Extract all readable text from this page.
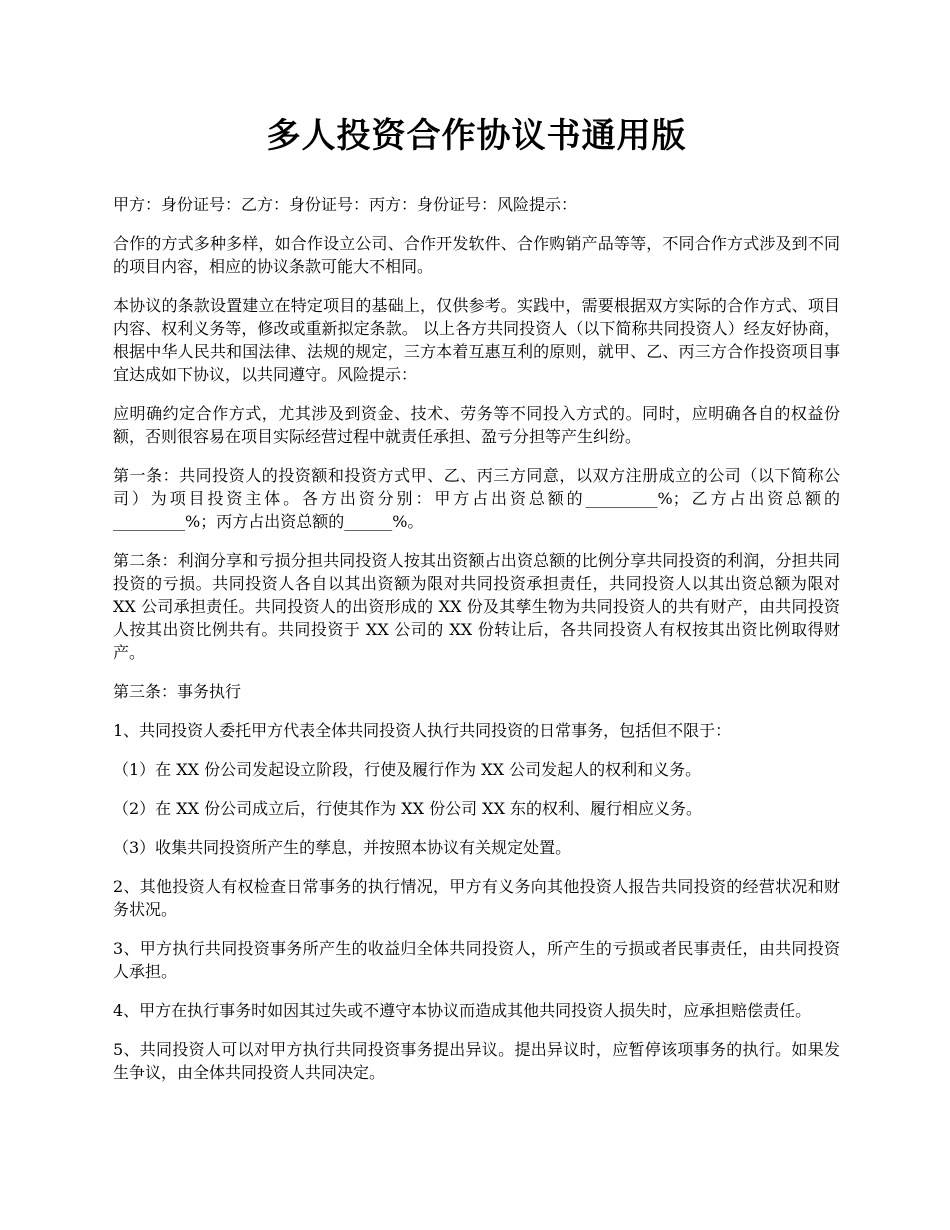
多人投资合作协议书通用版

甲方：身份证号：乙方：身份证号：丙方：身份证号：风险提示：

合作的方式多种多样，如合作设立公司、合作开发软件、合作购销产品等等，不同合作方式涉及到不同的项目内容，相应的协议条款可能大不相同。

本协议的条款设置建立在特定项目的基础上，仅供参考。实践中，需要根据双方实际的合作方式、项目内容、权利义务等，修改或重新拟定条款。 以上各方共同投资人（以下简称共同投资人）经友好协商，根据中华人民共和国法律、法规的规定，三方本着互惠互利的原则，就甲、乙、丙三方合作投资项目事宜达成如下协议，以共同遵守。风险提示：

应明确约定合作方式，尤其涉及到资金、技术、劳务等不同投入方式的。同时，应明确各自的权益份额，否则很容易在项目实际经营过程中就责任承担、盈亏分担等产生纠纷。

第一条：共同投资人的投资额和投资方式甲、乙、丙三方同意，以双方注册成立的公司（以下简称公司）为项目投资主体。各方出资分别：甲方占出资总额的_________%；乙方占出资总额的_________%；丙方占出资总额的______%。

第二条：利润分享和亏损分担共同投资人按其出资额占出资总额的比例分享共同投资的利润，分担共同投资的亏损。共同投资人各自以其出资额为限对共同投资承担责任，共同投资人以其出资总额为限对 XX 公司承担责任。共同投资人的出资形成的 XX 份及其孳生物为共同投资人的共有财产，由共同投资人按其出资比例共有。共同投资于 XX 公司的 XX 份转让后，各共同投资人有权按其出资比例取得财产。

第三条：事务执行

1、共同投资人委托甲方代表全体共同投资人执行共同投资的日常事务，包括但不限于：

（1）在 XX 份公司发起设立阶段，行使及履行作为 XX 公司发起人的权利和义务。

（2）在 XX 份公司成立后，行使其作为 XX 份公司 XX 东的权利、履行相应义务。

（3）收集共同投资所产生的孳息，并按照本协议有关规定处置。

2、其他投资人有权检查日常事务的执行情况，甲方有义务向其他投资人报告共同投资的经营状况和财务状况。

3、甲方执行共同投资事务所产生的收益归全体共同投资人，所产生的亏损或者民事责任，由共同投资人承担。

4、甲方在执行事务时如因其过失或不遵守本协议而造成其他共同投资人损失时，应承担赔偿责任。

5、共同投资人可以对甲方执行共同投资事务提出异议。提出异议时，应暂停该项事务的执行。如果发生争议，由全体共同投资人共同决定。
